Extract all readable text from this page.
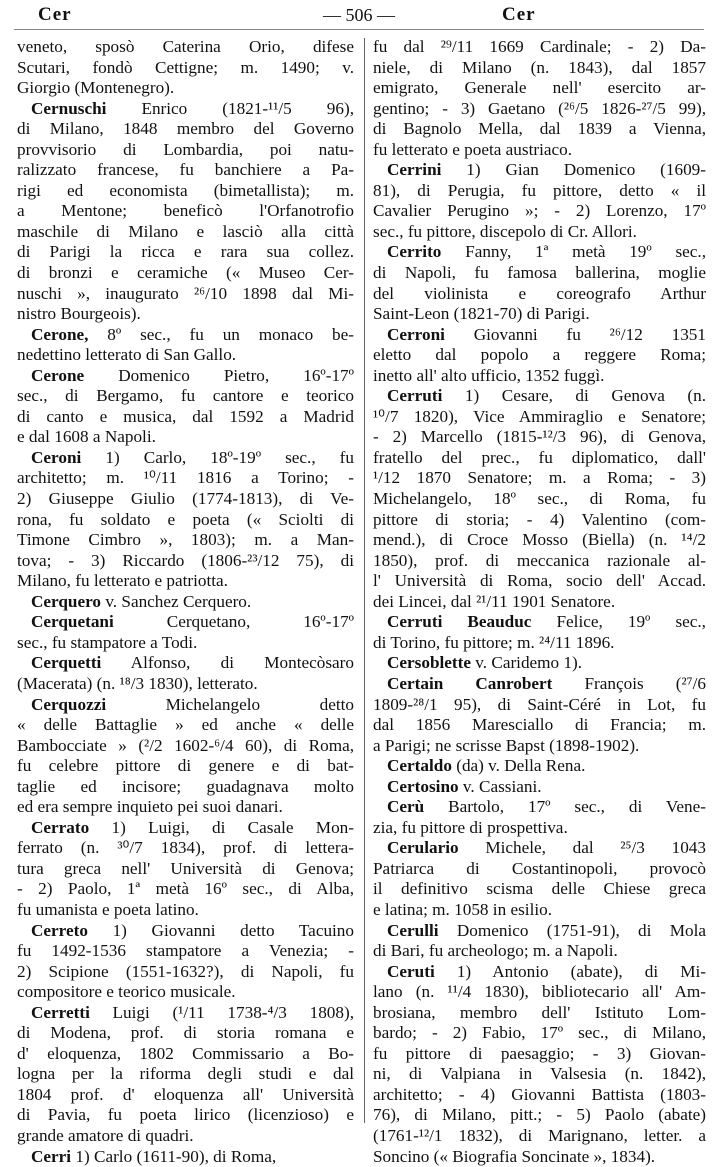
Cer	— 506 —	Cer
veneto, sposò Caterina Orio, difese
Scutari, fondò Cettigne; m. 1490; v.
Giorgio (Montenegro).
Cernuschi Enrico (1821-¹¹/5 96),
di Milano, 1848 membro del Governo
provvisorio di Lombardia, poi natu-
ralizzato francese, fu banchiere a Pa-
rigi ed economista (bimetallista); m.
a Mentone; beneficò l'Orfanotrofio
maschile di Milano e lasciò alla città
di Parigi la ricca e rara sua collez.
di bronzi e ceramiche (« Museo Cer-
nuschi », inaugurato ²⁶/10 1898 dal Mi-
nistro Bourgeois).
Cerone, 8º sec., fu un monaco be-
nedettino letterato di San Gallo.
Cerone Domenico Pietro, 16º-17º
sec., di Bergamo, fu cantore e teorico
di canto e musica, dal 1592 a Madrid
e dal 1608 a Napoli.
Ceroni 1) Carlo, 18º-19º sec., fu
architetto; m. ¹⁰/11 1816 a Torino; -
2) Giuseppe Giulio (1774-1813), di Ve-
rona, fu soldato e poeta (« Sciolti di
Timone Cimbro », 1803); m. a Man-
tova; - 3) Riccardo (1806-²³/12 75), di
Milano, fu letterato e patriotta.
Cerquero v. Sanchez Cerquero.
Cerquetani Cerquetano, 16º-17º
sec., fu stampatore a Todi.
Cerquetti Alfonso, di Montecòsaro
(Macerata) (n. ¹⁸/3 1830), letterato.
Cerquozzi Michelangelo detto
« delle Battaglie » ed anche « delle
Bambocciate » (²/2 1602-⁶/4 60), di Roma,
fu celebre pittore di genere e di bat-
taglie ed incisore; guadagnava molto
ed era sempre inquieto pei suoi danari.
Cerrato 1) Luigi, di Casale Mon-
ferrato (n. ³⁰/7 1834), prof. di lettera-
tura greca nell' Università di Genova;
- 2) Paolo, 1ª metà 16º sec., di Alba,
fu umanista e poeta latino.
Cerreto 1) Giovanni detto Tacuino
fu 1492-1536 stampatore a Venezia; -
2) Scipione (1551-1632?), di Napoli, fu
compositore e teorico musicale.
Cerretti Luigi (¹/11 1738-⁴/3 1808),
di Modena, prof. di storia romana e
d' eloquenza, 1802 Commissario a Bo-
logna per la riforma degli studi e dal
1804 prof. d' eloquenza all' Università
di Pavia, fu poeta lirico (licenzioso) e
grande amatore di quadri.
Cerri 1) Carlo (1611-90), di Roma,
fu dal ²⁹/11 1669 Cardinale; - 2) Da-
niele, di Milano (n. 1843), dal 1857
emigrato, Generale nell' esercito ar-
gentino; - 3) Gaetano (²⁶/5 1826-²⁷/5 99),
di Bagnolo Mella, dal 1839 a Vienna,
fu letterato e poeta austriaco.
Cerrini 1) Gian Domenico (1609-
81), di Perugia, fu pittore, detto « il
Cavalier Perugino »; - 2) Lorenzo, 17º
sec., fu pittore, discepolo di Cr. Allori.
Cerrito Fanny, 1ª metà 19º sec.,
di Napoli, fu famosa ballerina, moglie
del violinista e coreografo Arthur
Saint-Leon (1821-70) di Parigi.
Cerroni Giovanni fu ²⁶/12 1351
eletto dal popolo a reggere Roma;
inetto all' alto ufficio, 1352 fuggì.
Cerruti 1) Cesare, di Genova (n.
¹⁰/7 1820), Vice Ammiraglio e Senatore;
- 2) Marcello (1815-¹²/3 96), di Genova,
fratello del prec., fu diplomatico, dall'
¹/12 1870 Senatore; m. a Roma; - 3)
Michelangelo, 18º sec., di Roma, fu
pittore di storia; - 4) Valentino (com-
mend.), di Croce Mosso (Biella) (n. ¹⁴/2
1850), prof. di meccanica razionale al-
l' Università di Roma, socio dell' Accad.
dei Lincei, dal ²¹/11 1901 Senatore.
Cerruti Beauduc Felice, 19º sec.,
di Torino, fu pittore; m. ²⁴/11 1896.
Cersoblette v. Caridemo 1).
Certain Canrobert François (²⁷/6
1809-²⁸/1 95), di Saint-Céré in Lot, fu
dal 1856 Maresciallo di Francia; m.
a Parigi; ne scrisse Bapst (1898-1902).
Certaldo (da) v. Della Rena.
Certosino v. Cassiani.
Cerù Bartolo, 17º sec., di Vene-
zia, fu pittore di prospettiva.
Cerulario Michele, dal ²⁵/3 1043
Patriarca di Costantinopoli, provocò
il definitivo scisma delle Chiese greca
e latina; m. 1058 in esilio.
Cerulli Domenico (1751-91), di Mola
di Bari, fu archeologo; m. a Napoli.
Ceruti 1) Antonio (abate), di Mi-
lano (n. ¹¹/4 1830), bibliotecario all' Am-
brosiana, membro dell' Istituto Lom-
bardo; - 2) Fabio, 17º sec., di Milano,
fu pittore di paesaggio; - 3) Giovan-
ni, di Valpiana in Valsesia (n. 1842),
architetto; - 4) Giovanni Battista (1803-
76), di Milano, pitt.; - 5) Paolo (abate)
(1761-¹²/1 1832), di Marignano, letter. a
Soncino (« Biografia Soncinate », 1834).
